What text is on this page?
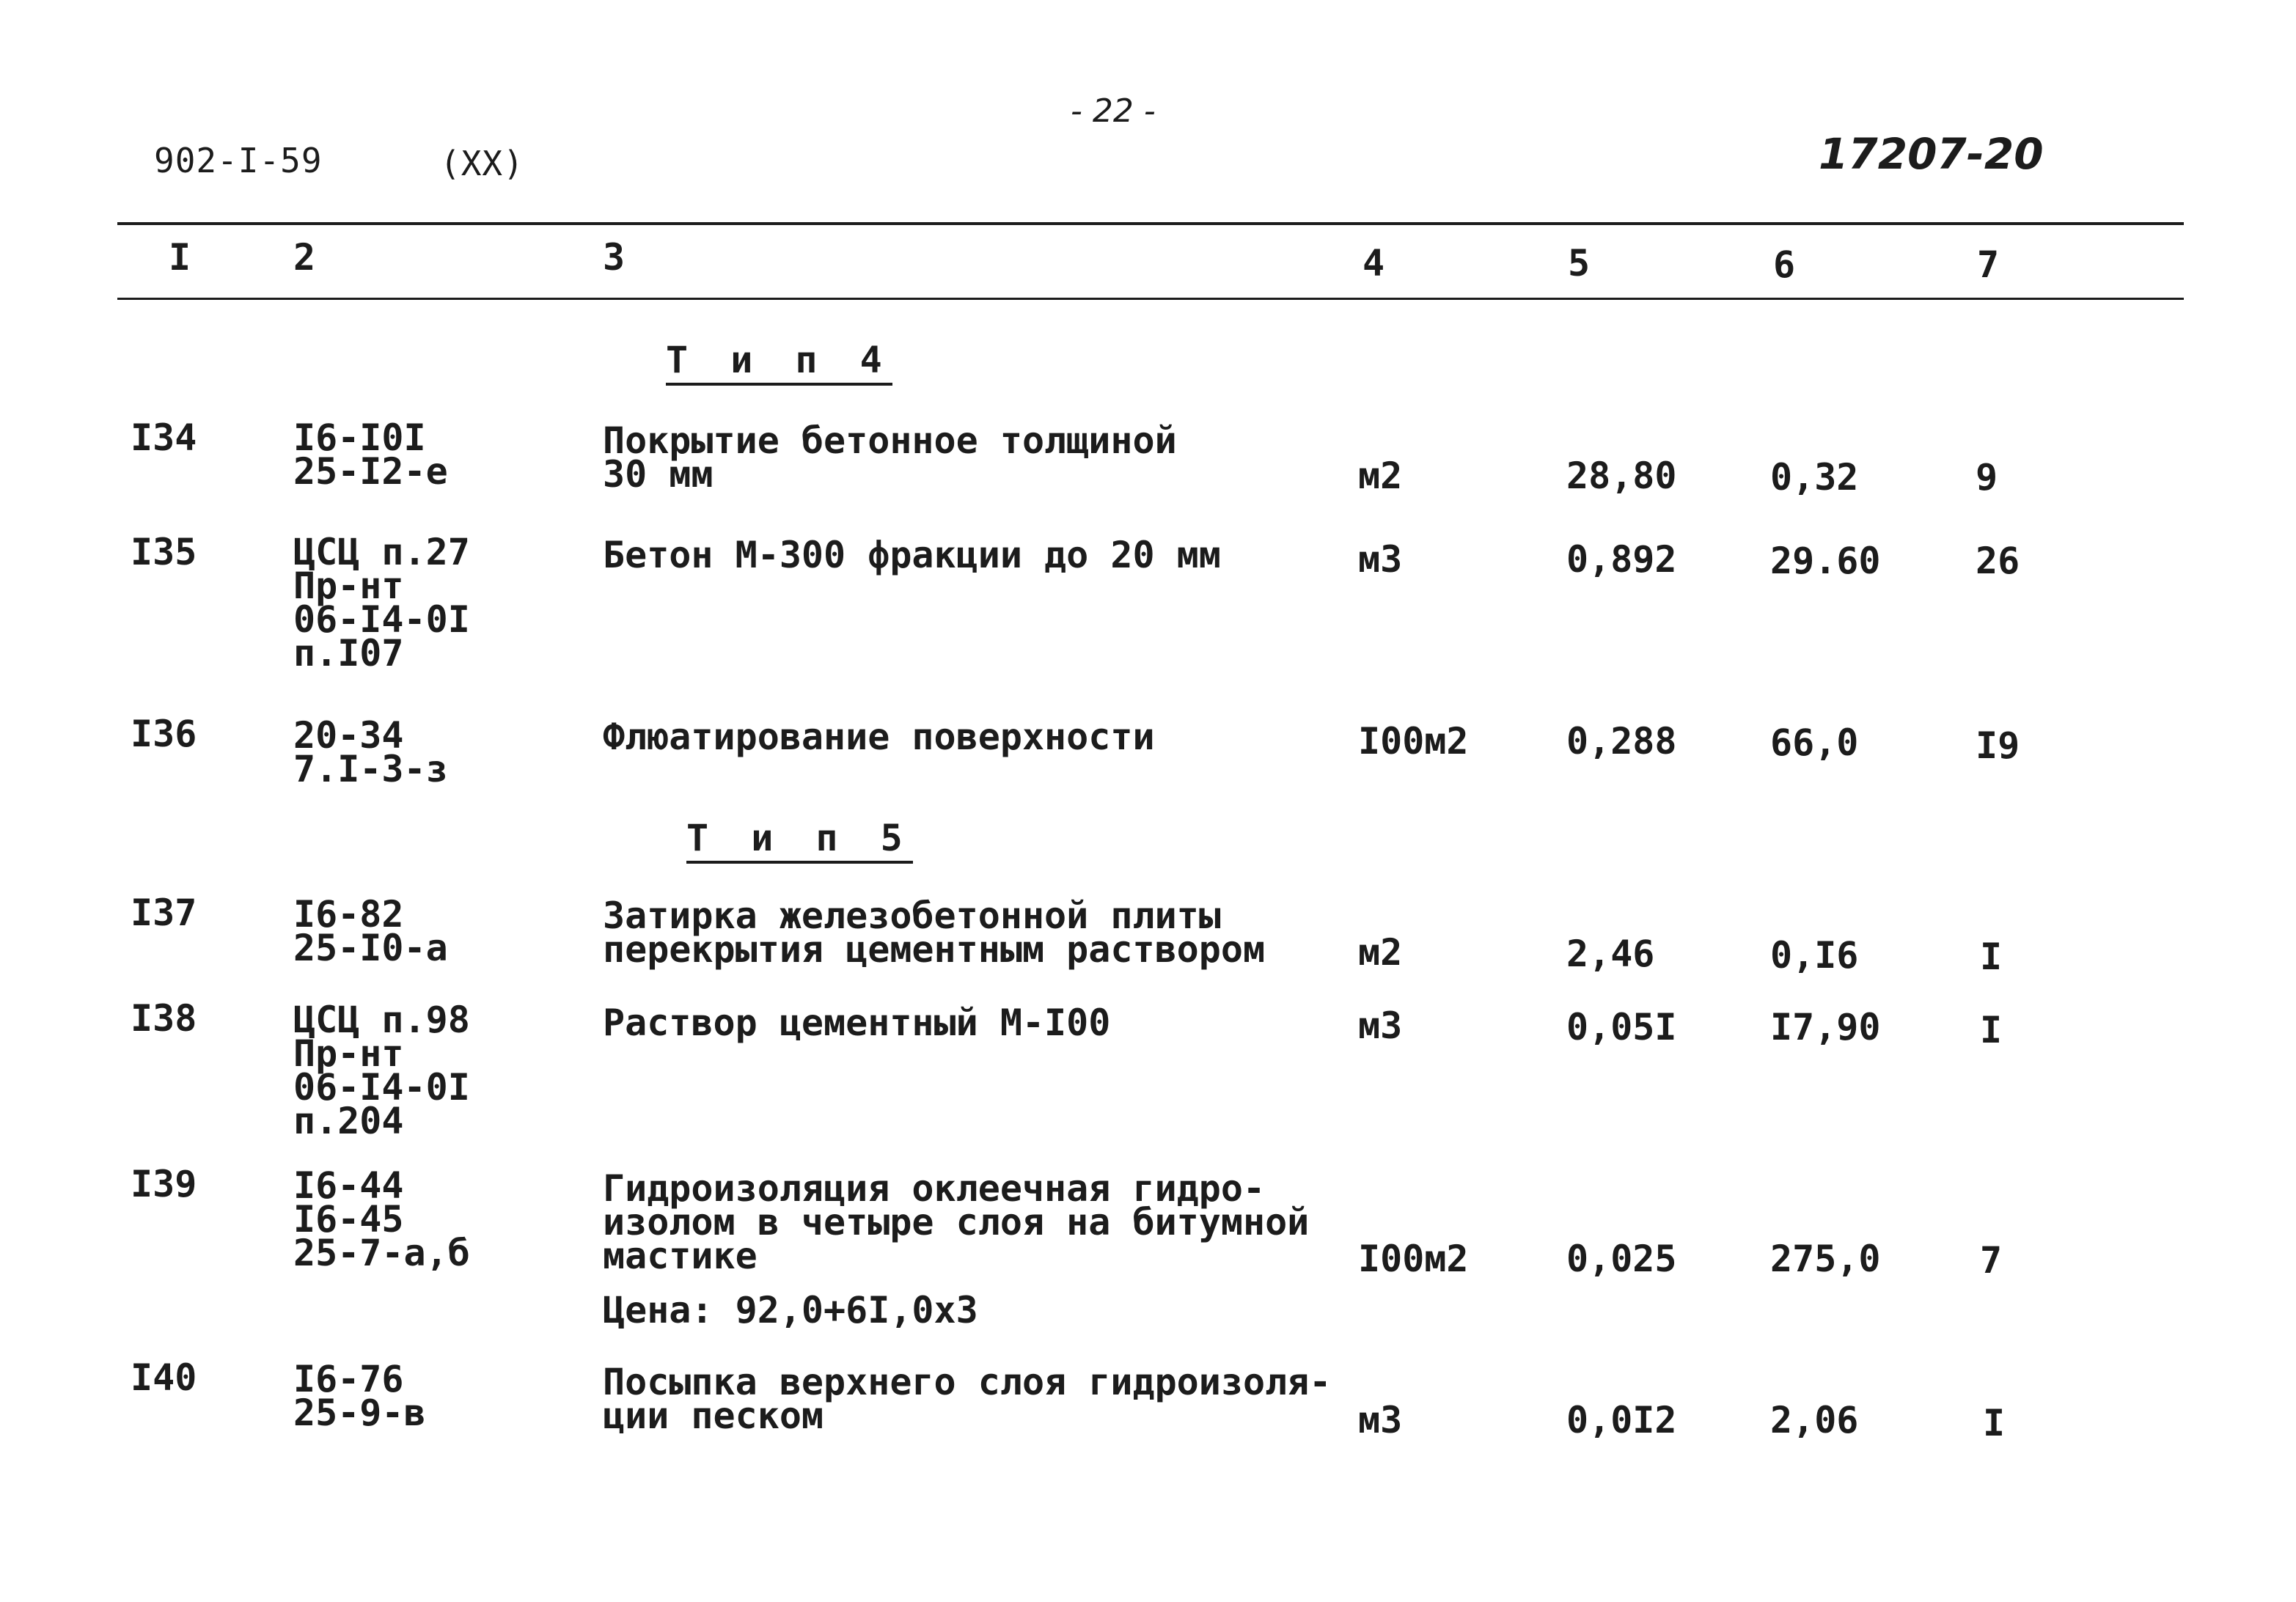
902-I-59	(XX)
- 22 -
17207-20
I	2	3	4	5	6	7
Т и п 4
I34	I6-I0I
25-I2-е
Покрытие бетонное толщиной
30 мм	м2	28,80	0,32	9
I35	ЦСЦ п.27
Пр-нт
06-I4-0I
п.I07
Бетон М-300 фракции до 20 мм	м3	0,892	29.60	26
I36	20-34
7.I-3-з
Флюатирование поверхности	I00м2	0,288	66,0	I9
Т и п 5
I37	I6-82
25-I0-а
Затирка железобетонной плиты
перекрытия цементным раствором	м2	2,46	0,I6	I
I38	ЦСЦ п.98
Пр-нт
06-I4-0I
п.204
Раствор цементный М-I00	м3	0,05I	I7,90	I
I39	I6-44
I6-45
25-7-а,б
Гидроизоляция оклеечная гидро-
изолом в четыре слоя на битумной
мастике
Цена: 92,0+6I,0х3
I00м2	0,025	275,0	7
I40	I6-76
25-9-в
Посыпка верхнего слоя гидроизоля-
ции песком	м3	0,0I2	2,06	I
